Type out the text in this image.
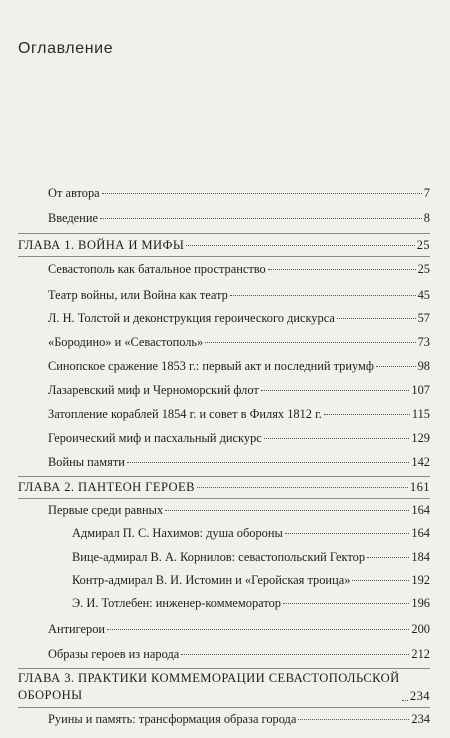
Оглавление
От автора	7
Введение	8
ГЛАВА 1. ВОЙНА И МИФЫ	25
Севастополь как батальное пространство	25
Театр войны, или Война как театр	45
Л. Н. Толстой и деконструкция героического дискурса	57
«Бородино» и «Севастополь»	73
Синопское сражение 1853 г.: первый акт и последний триумф	98
Лазаревский миф и Черноморский флот	107
Затопление кораблей 1854 г. и совет в Филях 1812 г.	115
Героический миф и пасхальный дискурс	129
Войны памяти	142
ГЛАВА 2. ПАНТЕОН ГЕРОЕВ	161
Первые среди равных	164
Адмирал П. С. Нахимов: душа обороны	164
Вице-адмирал В. А. Корнилов: севастопольский Гектор	184
Контр-адмирал В. И. Истомин и «Геройская троица»	192
Э. И. Тотлебен: инженер-коммеморатор	196
Антигерои	200
Образы героев из народа	212
ГЛАВА 3. ПРАКТИКИ КОММЕМОРАЦИИ СЕВАСТОПОЛЬСКОЙ
ОБОРОНЫ	234
Руины и память: трансформация образа города	234
